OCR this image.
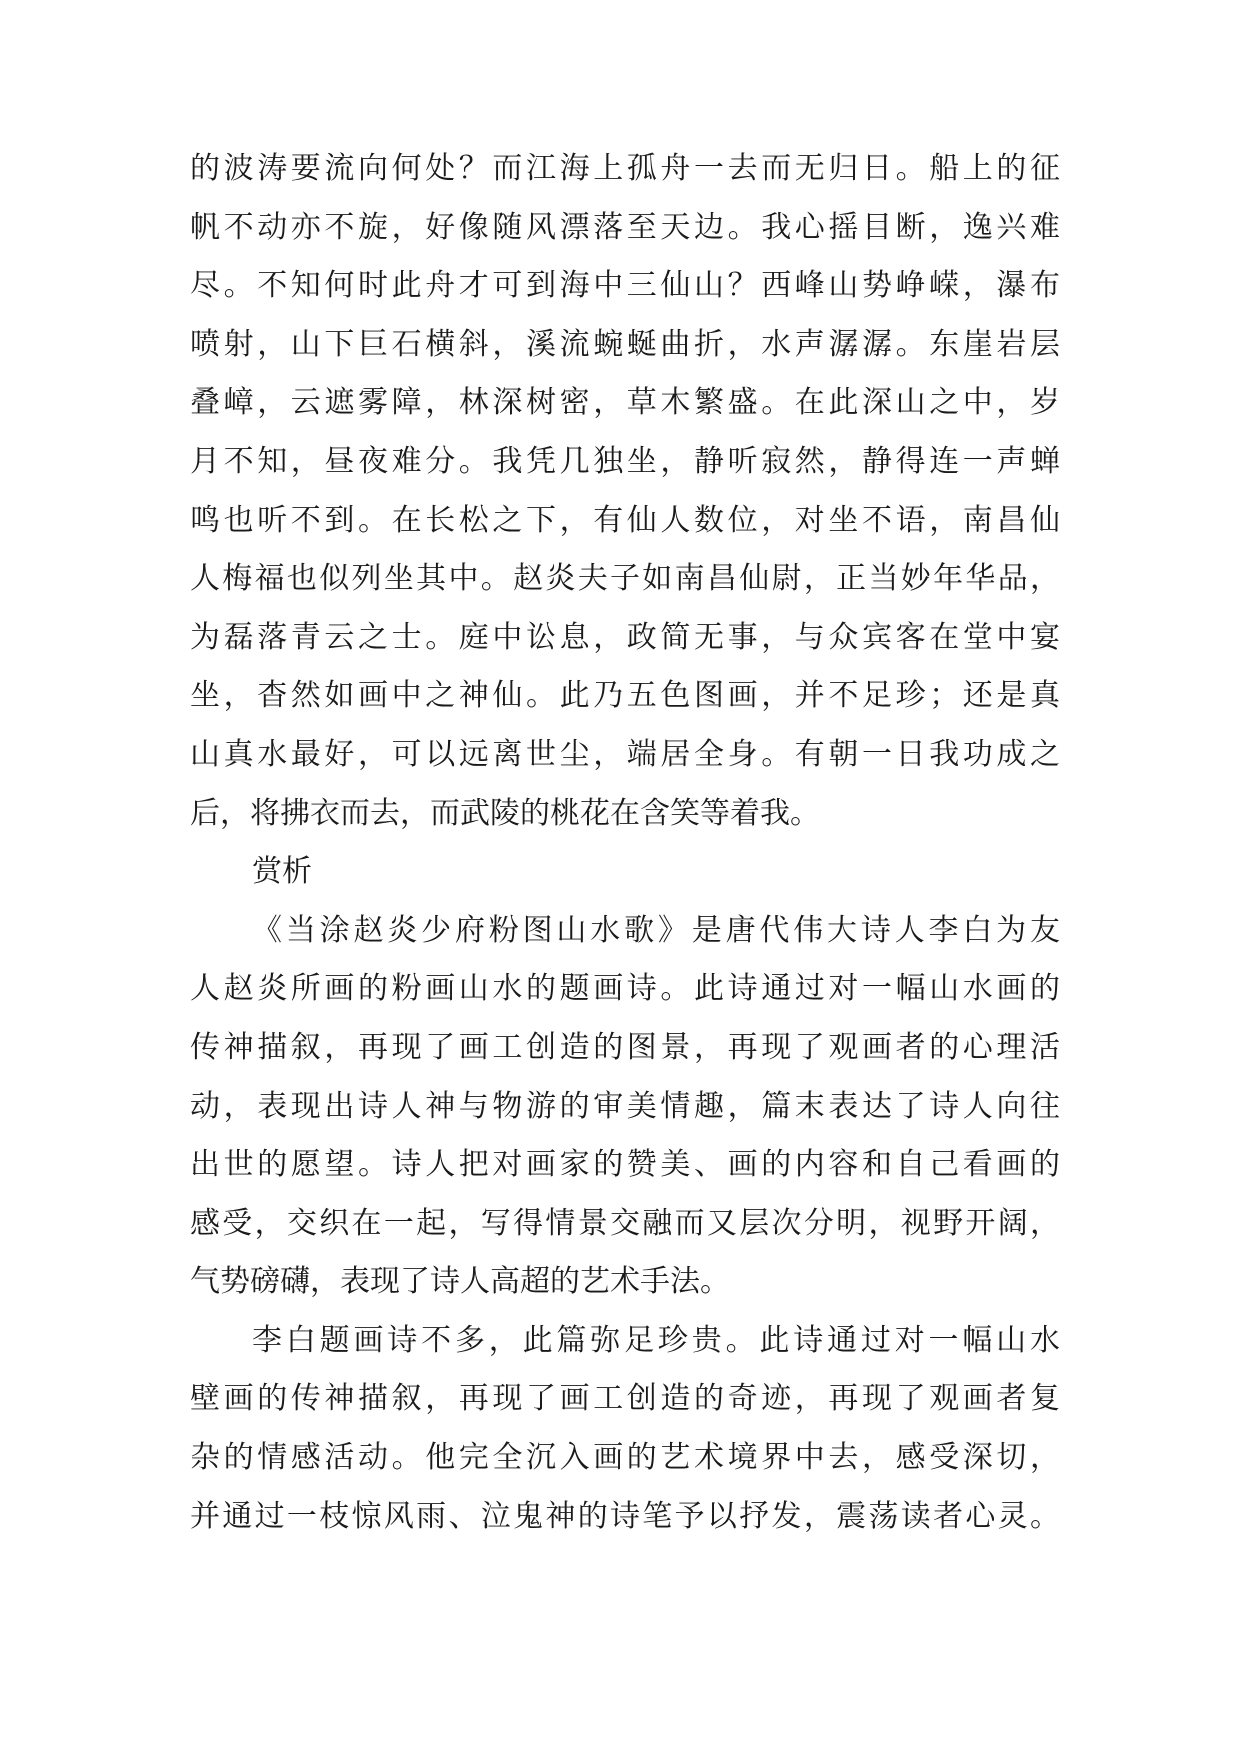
的波涛要流向何处？而江海上孤舟一去而无归日。船上的征
帆不动亦不旋，好像随风漂落至天边。我心摇目断，逸兴难
尽。不知何时此舟才可到海中三仙山？西峰山势峥嵘，瀑布
喷射，山下巨石横斜，溪流蜿蜒曲折，水声潺潺。东崖岩层
叠嶂，云遮雾障，林深树密，草木繁盛。在此深山之中，岁
月不知，昼夜难分。我凭几独坐，静听寂然，静得连一声蝉
鸣也听不到。在长松之下，有仙人数位，对坐不语，南昌仙
人梅福也似列坐其中。赵炎夫子如南昌仙尉，正当妙年华品，
为磊落青云之士。庭中讼息，政简无事，与众宾客在堂中宴
坐，杳然如画中之神仙。此乃五色图画，并不足珍；还是真
山真水最好，可以远离世尘，端居全身。有朝一日我功成之
后，将拂衣而去，而武陵的桃花在含笑等着我。
赏析
《当涂赵炎少府粉图山水歌》是唐代伟大诗人李白为友
人赵炎所画的粉画山水的题画诗。此诗通过对一幅山水画的
传神描叙，再现了画工创造的图景，再现了观画者的心理活
动，表现出诗人神与物游的审美情趣，篇末表达了诗人向往
出世的愿望。诗人把对画家的赞美、画的内容和自己看画的
感受，交织在一起，写得情景交融而又层次分明，视野开阔，
气势磅礴，表现了诗人高超的艺术手法。
李白题画诗不多，此篇弥足珍贵。此诗通过对一幅山水
壁画的传神描叙，再现了画工创造的奇迹，再现了观画者复
杂的情感活动。他完全沉入画的艺术境界中去，感受深切，
并通过一枝惊风雨、泣鬼神的诗笔予以抒发，震荡读者心灵。
